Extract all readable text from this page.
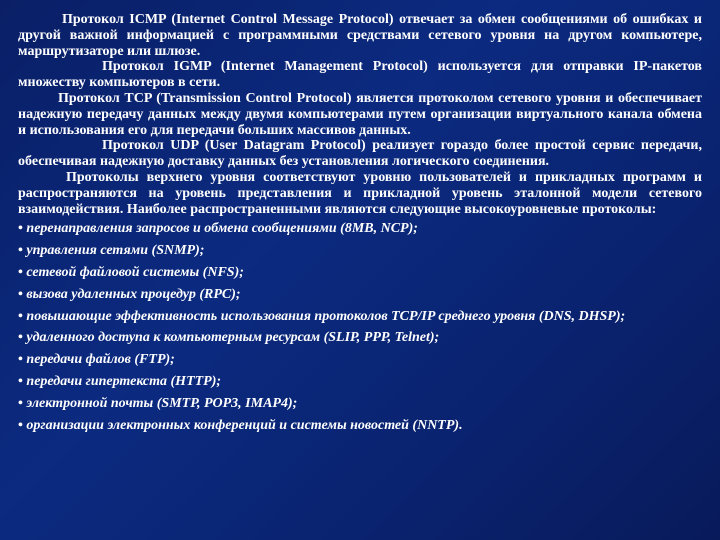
Протокол ICMP (Internet Control Message Protocol) отвечает за обмен сообщениями об ошибках и другой важной информацией с программными средствами сетевого уровня на другом компьютере, маршрутизаторе или шлюзе.

Протокол IGMP (Internet Management Protocol) используется для отправки IP-пакетов множеству компьютеров в сети.

Протокол TCP (Transmission Control Protocol) является протоколом сетевого уровня и обеспечивает надежную передачу данных между двумя компьютерами путем организации виртуального канала обмена и использования его для передачи больших массивов данных.

Протокол UDP (User Datagram Protocol) реализует гораздо более простой сервис передачи, обеспечивая надежную доставку данных без установления логического соединения.

Протоколы верхнего уровня соответствуют уровню пользователей и прикладных программ и распространяются на уровень представления и прикладной уровень эталонной модели сетевого взаимодействия. Наиболее распространенными являются следующие высокоуровневые протоколы:

• перенаправления запросов и обмена сообщениями (8MB, NCP);
• управления сетями (SNMP);
• сетевой файловой системы (NFS);
• вызова удаленных процедур (RPC);
• повышающие эффективность использования протоколов TCP/IP среднего уровня (DNS, DHSP);
• удаленного доступа к компьютерным ресурсам (SLIP, PPP, Telnet);
• передачи файлов (FTP);
• передачи гипертекста (HTTP);
• электронной почты (SMTP, POP3, IMAP4);
• организации электронных конференций и системы новостей (NNTP).
